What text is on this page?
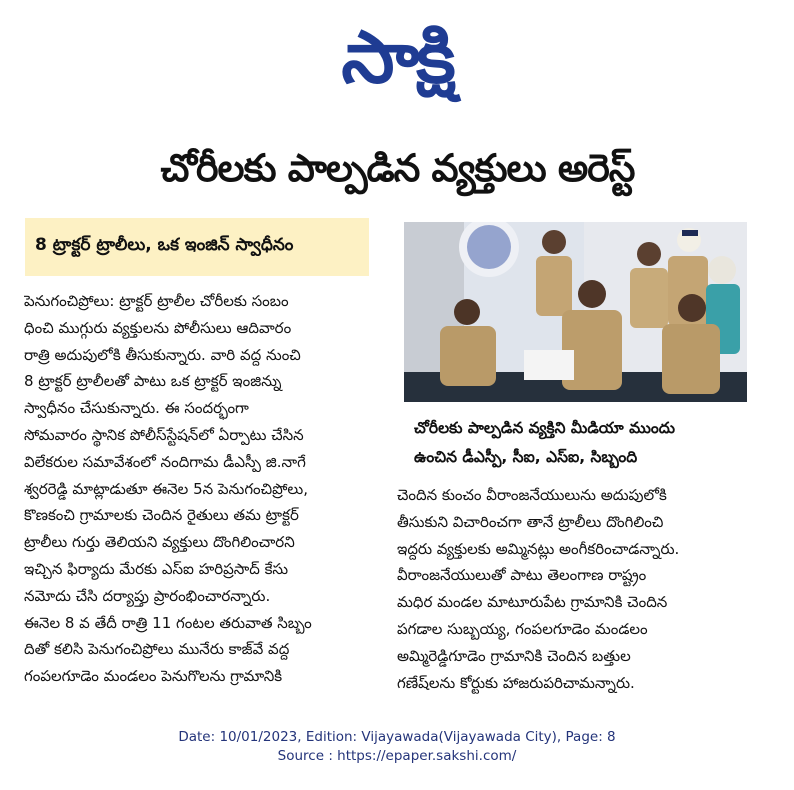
సాక్షి
చోరీలకు పాల్పడిన వ్యక్తులు అరెస్ట్
8 ట్రాక్టర్ ట్రాలీలు, ఒక ఇంజిన్ స్వాధీనం
పెనుగంచిప్రోలు: ట్రాక్టర్ ట్రాలీల చోరీలకు సంబం
ధించి ముగ్గురు వ్యక్తులను పోలీసులు ఆదివారం
రాత్రి అదుపులోకి తీసుకున్నారు. వారి వద్ద నుంచి
8 ట్రాక్టర్ ట్రాలీలతో పాటు ఒక ట్రాక్టర్ ఇంజిన్ను
స్వాధీనం చేసుకున్నారు. ఈ సందర్భంగా
సోమవారం స్థానిక పోలీస్‌స్టేషన్‌లో ఏర్పాటు చేసిన
విలేకరుల సమావేశంలో నందిగామ డీఎస్పీ జి.నాగే
శ్వరరెడ్డి మాట్లాడుతూ ఈనెల 5న పెనుగంచిప్రోలు,
కొణకంచి గ్రామాలకు చెందిన రైతులు తమ ట్రాక్టర్
ట్రాలీలు గుర్తు తెలియని వ్యక్తులు దొంగిలించారని
ఇచ్చిన ఫిర్యాదు మేరకు ఎస్ఐ హరిప్రసాద్ కేసు
నమోదు చేసి దర్యాప్తు ప్రారంభించారన్నారు.
ఈనెల 8 వ తేదీ రాత్రి 11 గంటల తరువాత సిబ్బం
దితో కలిసి పెనుగంచిప్రోలు మునేరు కాజ్‌వే వద్ద
గంపలగూడెం మండలం పెనుగొలను గ్రామానికి
చోరీలకు పాల్పడిన వ్యక్తిని మీడియా ముందు
ఉంచిన డీఎస్పీ, సీఐ, ఎస్ఐ, సిబ్బంది
చెందిన కుంచం వీరాంజనేయులును అదుపులోకి
తీసుకుని విచారించగా తానే ట్రాలీలు దొంగిలించి
ఇద్దరు వ్యక్తులకు అమ్మినట్లు అంగీకరించాడన్నారు.
వీరాంజనేయులుతో పాటు తెలంగాణ రాష్ట్రం
మధిర మండల మాటూరుపేట గ్రామానికి చెందిన
పగడాల సుబ్బయ్య, గంపలగూడెం మండలం
అమ్మిరెడ్డిగూడెం గ్రామానికి చెందిన బత్తుల
గణేష్‌లను కోర్టుకు హాజరుపరిచామన్నారు.
Date: 10/01/2023, Edition: Vijayawada(Vijayawada City), Page: 8
Source : https://epaper.sakshi.com/
